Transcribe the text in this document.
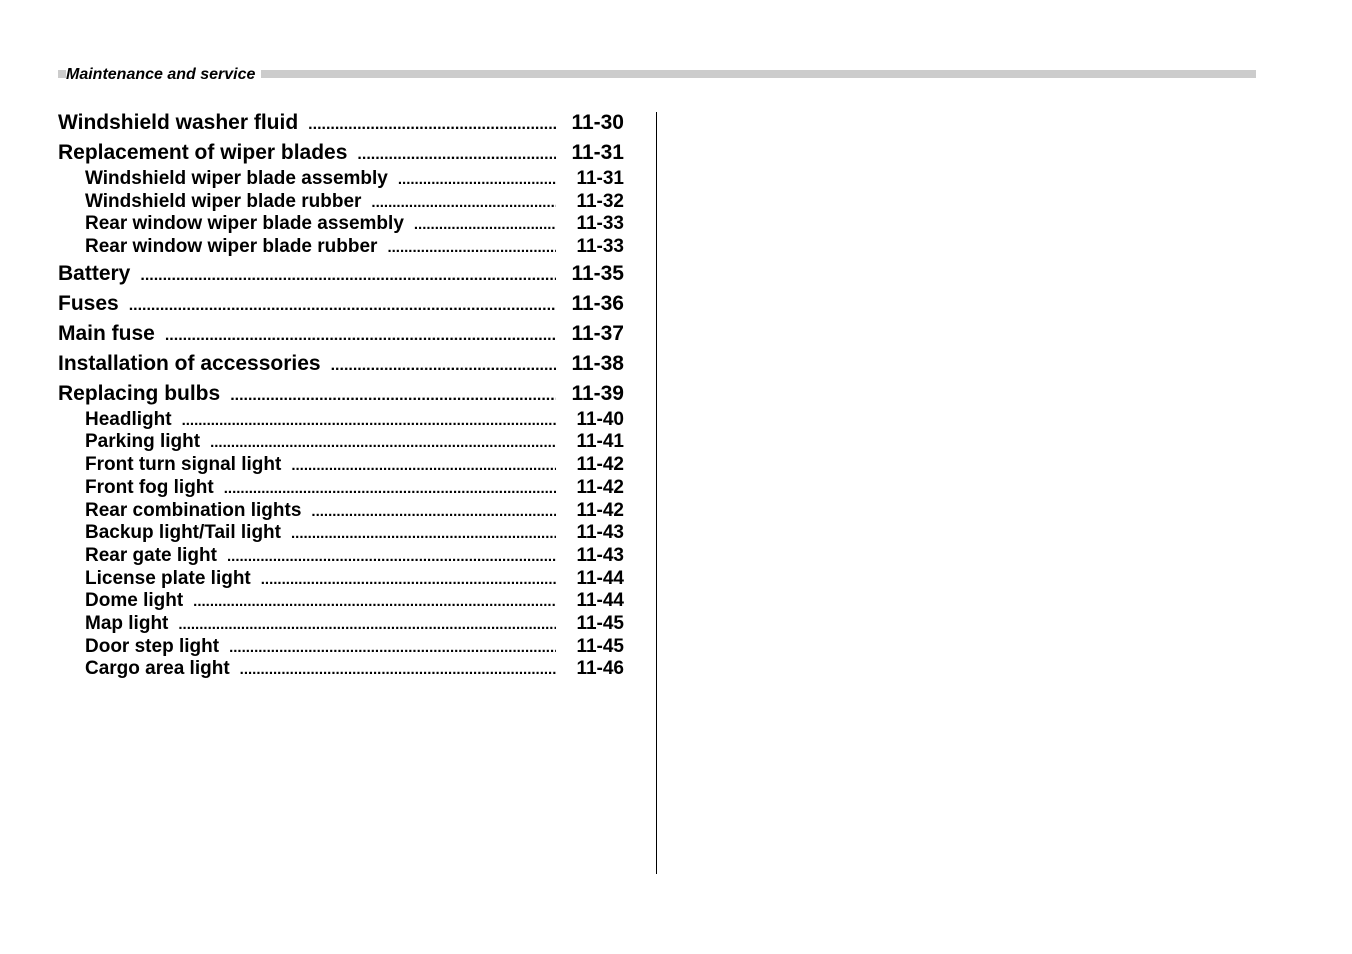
Maintenance and service
Windshield washer fluid .....	11-30
Replacement of wiper blades .....	11-31
Windshield wiper blade assembly .....	11-31
Windshield wiper blade rubber .....	11-32
Rear window wiper blade assembly .....	11-33
Rear window wiper blade rubber .....	11-33
Battery .....	11-35
Fuses .....	11-36
Main fuse .....	11-37
Installation of accessories .....	11-38
Replacing bulbs .....	11-39
Headlight .....	11-40
Parking light .....	11-41
Front turn signal light .....	11-42
Front fog light .....	11-42
Rear combination lights .....	11-42
Backup light/Tail light .....	11-43
Rear gate light .....	11-43
License plate light .....	11-44
Dome light .....	11-44
Map light .....	11-45
Door step light .....	11-45
Cargo area light .....	11-46
